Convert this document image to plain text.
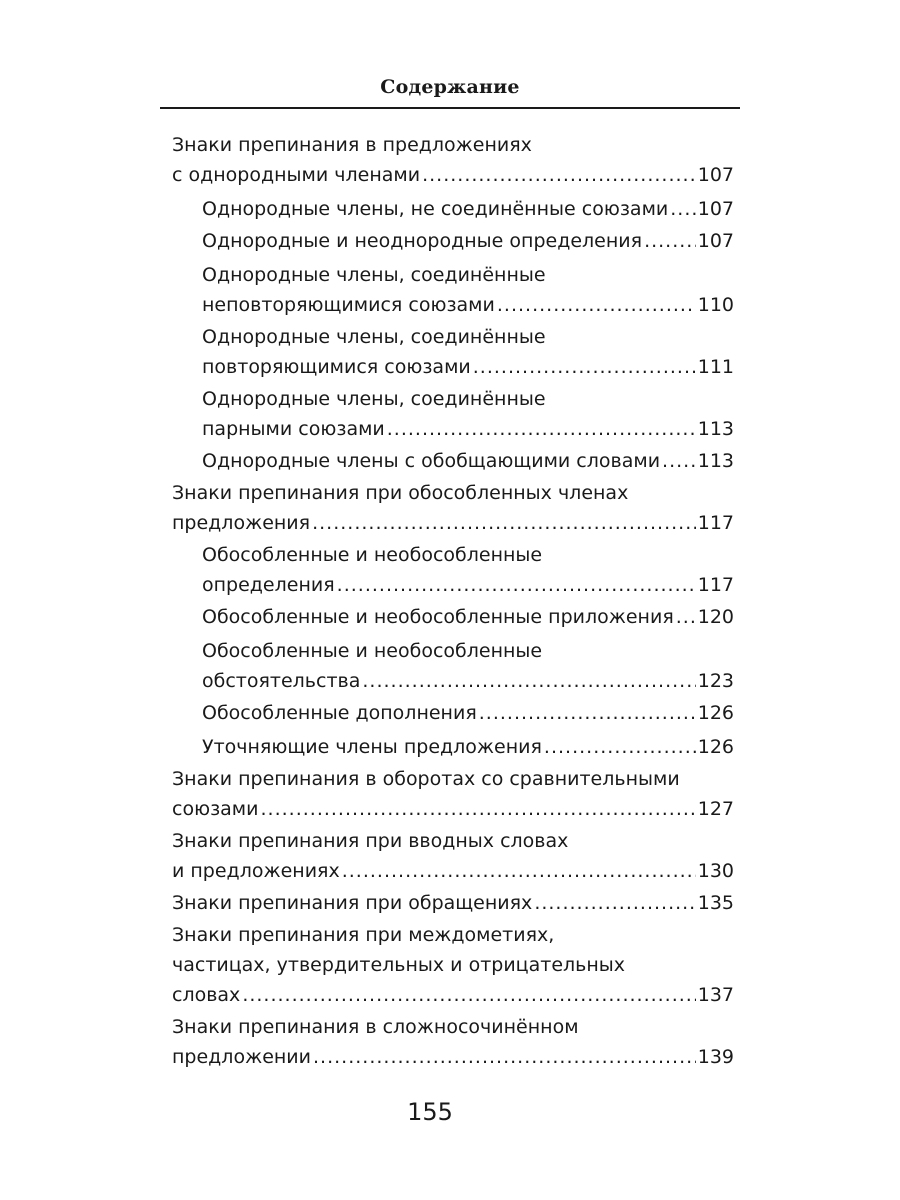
Содержание
Знаки препинания в предложениях
с однородными членами .....	107
Однородные члены, не соединённые союзами ..... 107
Однородные и неоднородные определения .....	107
Однородные члены, соединённые
неповторяющимися союзами .....	110
Однородные члены, соединённые
повторяющимися союзами .....	111
Однородные члены, соединённые
парными союзами .....	113
Однородные члены с обобщающими словами ..... 113
Знаки препинания при обособленных членах
предложения .....	117
Обособленные и необособленные
определения .....	117
Обособленные и необособленные приложения ..... 120
Обособленные и необособленные
обстоятельства .....	123
Обособленные дополнения .....	126
Уточняющие члены предложения .....	126
Знаки препинания в оборотах со сравнительными
союзами .....	127
Знаки препинания при вводных словах
и предложениях .....	130
Знаки препинания при обращениях .....	135
Знаки препинания при междометиях,
частицах, утвердительных и отрицательных
словах .....	137
Знаки препинания в сложносочинённом
предложении .....	139
155
